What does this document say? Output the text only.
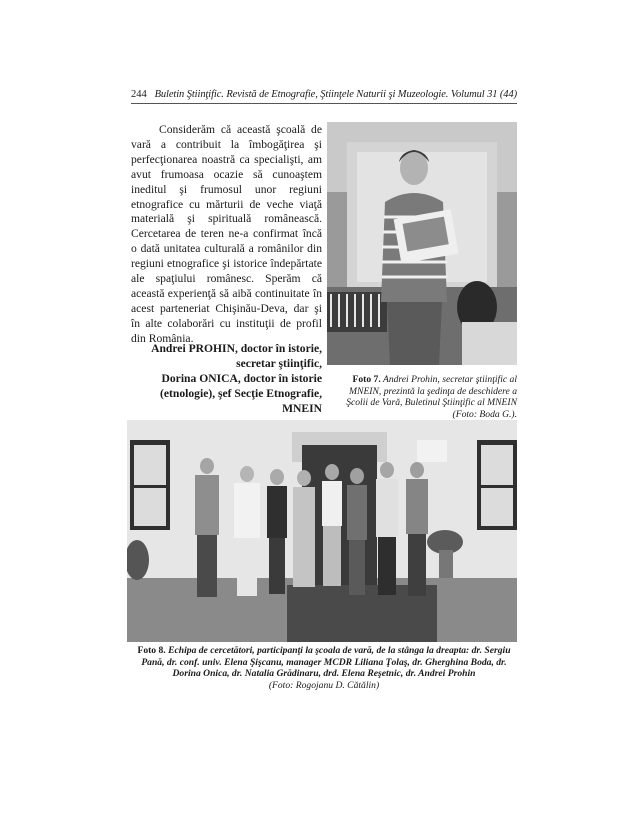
244 Buletin Ştiinţific. Revistă de Etnografie, Ştiinţele Naturii şi Muzeologie. Volumul 31 (44)
Considerăm că această şcoală de vară a contribuit la îmbogăţirea şi perfecţionarea noastră ca specialişti, am avut frumoasa ocazie să cunoaştem ineditul şi frumosul unor regiuni etnografice cu mărturii de veche viaţă materială şi spirituală românească. Cercetarea de teren ne-a confirmat încă o dată unitatea culturală a românilor din regiuni etnografice şi istorice îndepărtate ale spaţiului românesc. Sperăm că această experienţă să aibă continuitate în acest parteneriat Chişinău-Deva, dar şi în alte colaborări cu instituţii de profil din România.
Andrei PROHIN, doctor în istorie,
secretar ştiinţific,
Dorina ONICA, doctor în istorie
(etnologie), şef Secţie Etnografie,
MNEIN
Foto 7. Andrei Prohin, secretar ştiinţific al MNEIN, prezintă la şedinţa de deschidere a Şcolii de Vară, Buletinul Ştiinţific al MNEIN (Foto: Boda G.).
Foto 8. Echipa de cercetători, participanţi la şcoala de vară, de la stânga la dreapta: dr. Sergiu Pană, dr. conf. univ. Elena Şişcanu, manager MCDR Liliana Ţolaş, dr. Gherghina Boda, dr. Dorina Onica, dr. Natalia Grădinaru, drd. Elena Reşetnic, dr. Andrei Prohin
(Foto: Rogojanu D. Cătălin)
